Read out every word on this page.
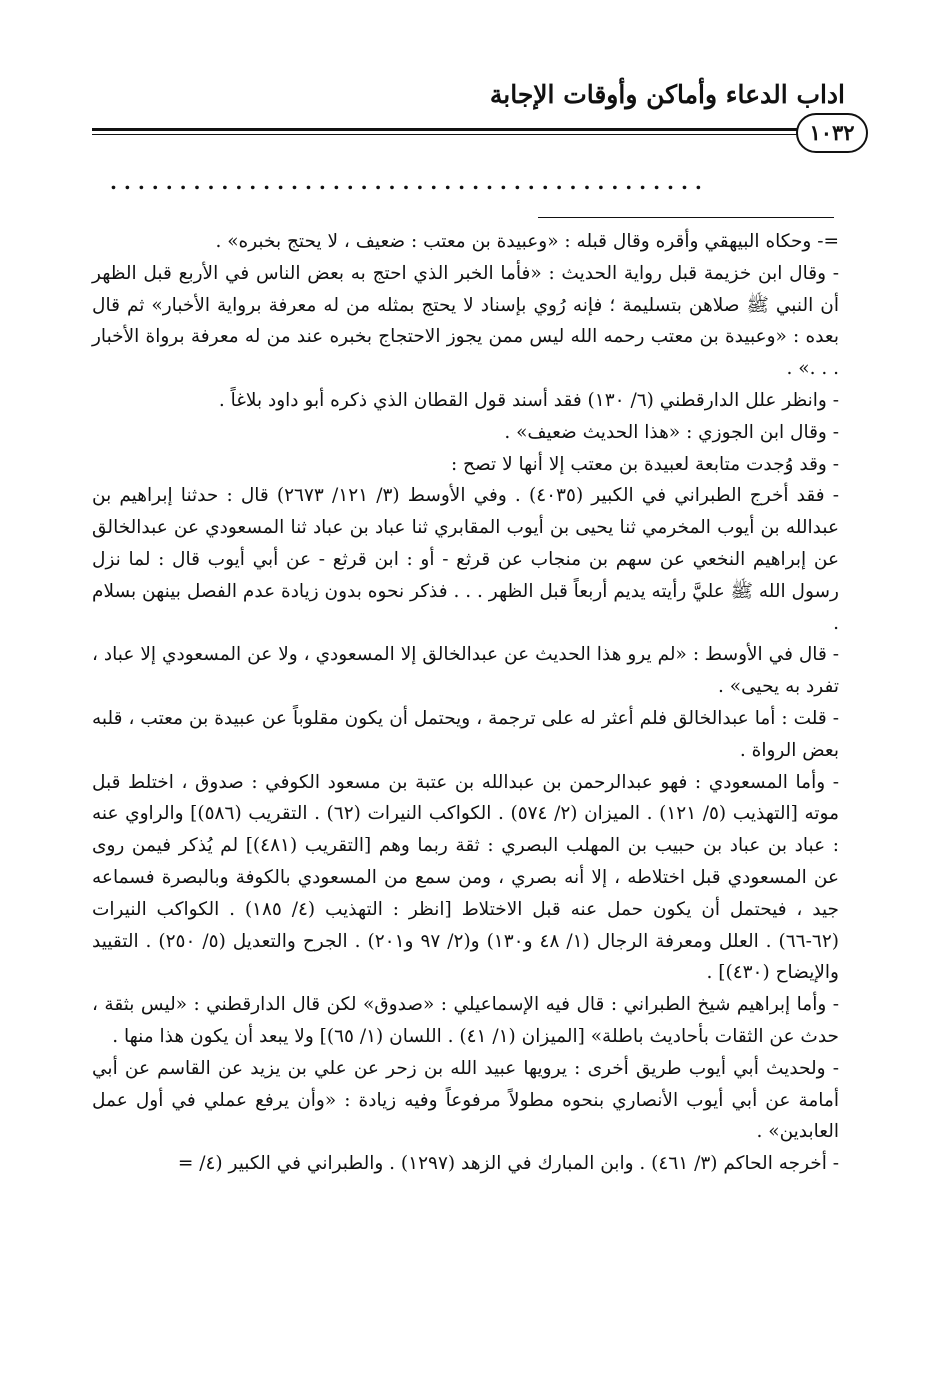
اداب الدعاء وأماكن وأوقات الإجابة
١٠٣٢
. . . . . . . . . . . . . . . . . . . . . . . . . . . . . . . . . . . . . . . . . . .

=- وحكاه البيهقي وأقره وقال قبله : «وعبيدة بن معتب : ضعيف ، لا يحتج بخبره» .

- وقال ابن خزيمة قبل رواية الحديث : «فأما الخبر الذي احتج به بعض الناس في الأربع قبل الظهر أن النبي ﷺ صلاهن بتسليمة ؛ فإنه رُوي بإسناد لا يحتج بمثله من له معرفة برواية الأخبار» ثم قال بعده : «وعبيدة بن معتب رحمه الله ليس ممن يجوز الاحتجاج بخبره عند من له معرفة برواة الأخبار . . .» .

- وانظر علل الدارقطني (٦/ ١٣٠) فقد أسند قول القطان الذي ذكره أبو داود بلاغاً .

- وقال ابن الجوزي : «هذا الحديث ضعيف» .

- وقد وُجدت متابعة لعبيدة بن معتب إلا أنها لا تصح :

- فقد أخرج الطبراني في الكبير (٤٠٣٥) . وفي الأوسط (٣/ ١٢١/ ٢٦٧٣) قال : حدثنا إبراهيم بن عبدالله بن أيوب المخرمي ثنا يحيى بن أيوب المقابري ثنا عباد بن عباد ثنا المسعودي عن عبدالخالق عن إبراهيم النخعي عن سهم بن منجاب عن قرثع - أو : ابن قرثع - عن أبي أيوب قال : لما نزل رسول الله ﷺ عليَّ رأيته يديم أربعاً قبل الظهر . . . فذكر نحوه بدون زيادة عدم الفصل بينهن بسلام .

- قال في الأوسط : «لم يرو هذا الحديث عن عبدالخالق إلا المسعودي ، ولا عن المسعودي إلا عباد ، تفرد به يحيى» .

- قلت : أما عبدالخالق فلم أعثر له على ترجمة ، ويحتمل أن يكون مقلوباً عن عبيدة بن معتب ، قلبه بعض الرواة .

- وأما المسعودي : فهو عبدالرحمن بن عبدالله بن عتبة بن مسعود الكوفي : صدوق ، اختلط قبل موته [التهذيب (٥/ ١٢١) . الميزان (٢/ ٥٧٤) . الكواكب النيرات (٦٢) . التقريب (٥٨٦)] والراوي عنه : عباد بن عباد بن حبيب بن المهلب البصري : ثقة ربما وهم [التقريب (٤٨١)] لم يُذكر فيمن روى عن المسعودي قبل اختلاطه ، إلا أنه بصري ، ومن سمع من المسعودي بالكوفة وبالبصرة فسماعه جيد ، فيحتمل أن يكون حمل عنه قبل الاختلاط [انظر : التهذيب (٤/ ١٨٥) . الكواكب النيرات (٦٢-٦٦) . العلل ومعرفة الرجال (١/ ٤٨ و١٣٠) و(٢/ ٩٧ و٢٠١) . الجرح والتعديل (٥/ ٢٥٠) . التقييد والإيضاح (٤٣٠)] .

- وأما إبراهيم شيخ الطبراني : قال فيه الإسماعيلي : «صدوق» لكن قال الدارقطني : «ليس بثقة ، حدث عن الثقات بأحاديث باطلة» [الميزان (١/ ٤١) . اللسان (١/ ٦٥)] ولا يبعد أن يكون هذا منها .

- ولحديث أبي أيوب طريق أخرى : يرويها عبيد الله بن زحر عن علي بن يزيد عن القاسم عن أبي أمامة عن أبي أيوب الأنصاري بنحوه مطولاً مرفوعاً وفيه زيادة : «وأن يرفع عملي في أول عمل العابدين» .

- أخرجه الحاكم (٣/ ٤٦١) . وابن المبارك في الزهد (١٢٩٧) . والطبراني في الكبير (٤/ =
